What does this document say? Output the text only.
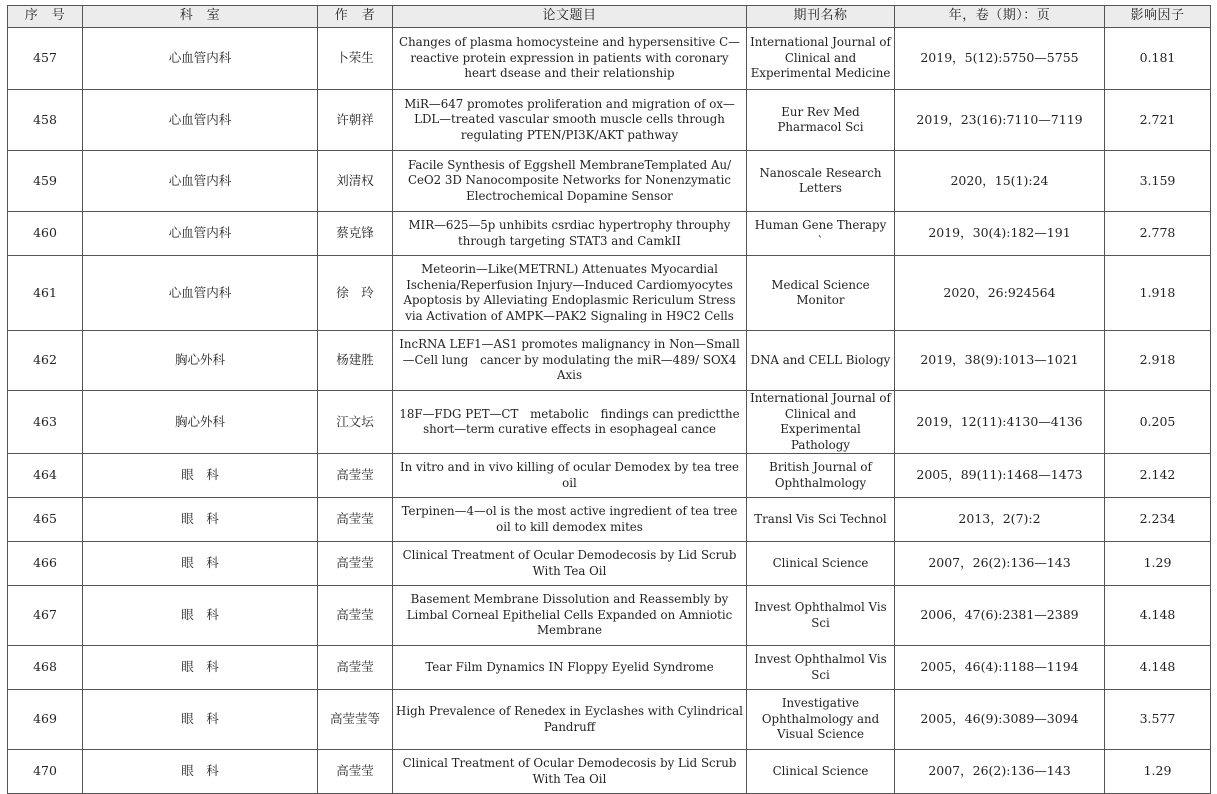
序　号	科　室	作　者	论文题目	期刊名称	年，卷（期）：页	影响因子
457	心血管内科	卜荣生	Changes of plasma homocysteine and hypersensitive C—reactive protein expression in patients with coronary heart dsease and their relationship	International Journal of Clinical and Experimental Medicine	2019，5(12):5750—5755	0.181
458	心血管内科	许朝祥	MiR—647 promotes proliferation and migration of ox—LDL—treated vascular smooth muscle cells through regulating PTEN/PI3K/AKT pathway	Eur Rev Med Pharmacol Sci	2019，23(16):7110—7119	2.721
459	心血管内科	刘清权	Facile Synthesis of Eggshell MembraneTemplated Au/ CeO2 3D Nanocomposite Networks for Nonenzymatic Electrochemical Dopamine Sensor	Nanoscale Research Letters	2020，15(1):24	3.159
460	心血管内科	蔡克锋	MIR—625—5p unhibits csrdiac hypertrophy throuphy through targeting STAT3 and CamkII	Human Gene Therapy `	2019，30(4):182—191	2.778
461	心血管内科	徐　玲	Meteorin—Like(METRNL) Attenuates Myocardial Ischenia/Reperfusion Injury—Induced Cardiomyocytes Apoptosis by Alleviating Endoplasmic Rericulum Stress via Activation of AMPK—PAK2 Signaling in H9C2 Cells	Medical Science Monitor	2020，26:924564	1.918
462	胸心外科	杨建胜	IncRNA LEF1—AS1 promotes malignancy in Non—Small—Cell lung　cancer by modulating the miR—489/ SOX4 Axis	DNA and CELL Biology	2019，38(9):1013—1021	2.918
463	胸心外科	江文坛	18F—FDG PET—CT　metabolic　findings can predictthe short—term curative effects in esophageal cance	International Journal of Clinical and Experimental Pathology	2019，12(11):4130—4136	0.205
464	眼　科	高莹莹	In vitro and in vivo killing of ocular Demodex by tea tree oil	British Journal of Ophthalmology	2005，89(11):1468—1473	2.142
465	眼　科	高莹莹	Terpinen—4—ol is the most active ingredient of tea tree oil to kill demodex mites	Transl Vis Sci Technol	2013，2(7):2	2.234
466	眼　科	高莹莹	Clinical Treatment of Ocular Demodecosis by Lid Scrub With Tea Oil	Clinical Science	2007，26(2):136—143	1.29
467	眼　科	高莹莹	Basement Membrane Dissolution and Reassembly by Limbal Corneal Epithelial Cells Expanded on Amniotic Membrane	Invest Ophthalmol Vis Sci	2006，47(6):2381—2389	4.148
468	眼　科	高莹莹	Tear Film Dynamics IN Floppy Eyelid Syndrome	Invest Ophthalmol Vis Sci	2005，46(4):1188—1194	4.148
469	眼　科	高莹莹等	High Prevalence of Renedex in Eyclashes with Cylindrical Pandruff	Investigative Ophthalmology and Visual Science	2005，46(9):3089—3094	3.577
470	眼　科	高莹莹	Clinical Treatment of Ocular Demodecosis by Lid Scrub With Tea Oil	Clinical Science	2007，26(2):136—143	1.29
